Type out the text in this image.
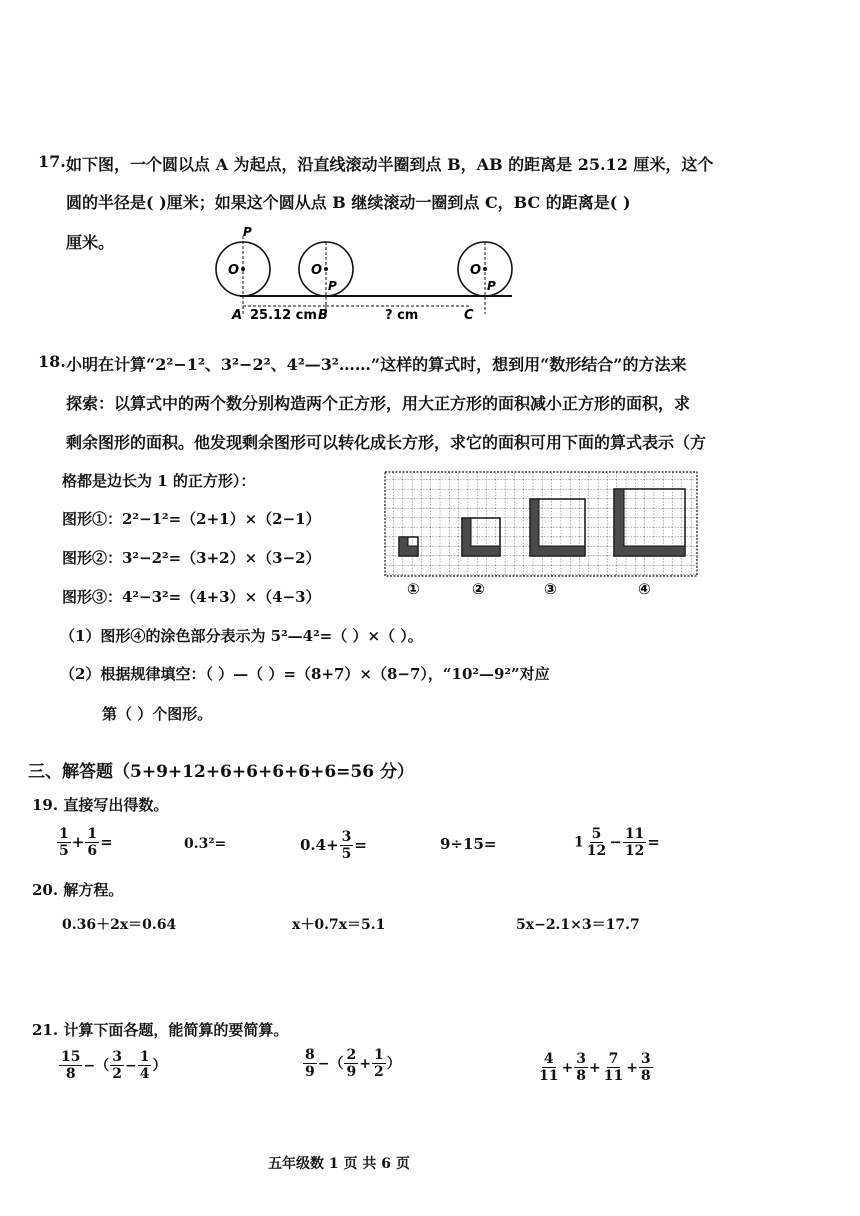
17. 如下图，一个圆以点 A 为起点，沿直线滚动半圈到点 B，AB 的距离是 25.12 厘米，这个
圆的半径是( )厘米；如果这个圆从点 B 继续滚动一圈到点 C，BC 的距离是( )
厘米。
P
O	O	O
P	P
A 25.12 cm B	? cm	C
18. 小明在计算“2²−1²、3²−2²、4²—3²……”这样的算式时，想到用“数形结合”的方法来
探索：以算式中的两个数分别构造两个正方形，用大正方形的面积减小正方形的面积，求
剩余图形的面积。他发现剩余图形可以转化成长方形，求它的面积可用下面的算式表示（方
格都是边长为 1 的正方形）：
图形①：2²−1²=（2+1）×（2−1）
图形②：3²−2²=（3+2）×（3−2）
图形③：4²−3²=（4+3）×（4−3）	①	②	③	④
（1）图形④的涂色部分表示为 5²—4²=（ ）×（ ）。
（2）根据规律填空：（ ）—（ ）=（8+7）×（8−7），“10²—9²”对应
第（ ）个图形。
三、解答题（5+9+12+6+6+6+6+6=56 分）
19. 直接写出得数。
$\frac{1}{5} + \frac{1}{6}$ =	0.3²=	$0.4+ \frac{3}{5}$ =	9÷15=	$1 \frac{5}{12} - \frac{11}{12}$ =
20. 解方程。
0.36＋2x＝0.64	x＋0.7x＝5.1	5x−2.1×3＝17.7
21. 计算下面各题，能简算的要简算。
$\frac{15}{8}$ −（ $\frac{3}{2} - \frac{1}{4}$ ）	$\frac{8}{9}$ −（ $\frac{2}{9} + \frac{1}{2}$ ）	$\frac{4}{11} + \frac{3}{8} + \frac{7}{11} + \frac{3}{8}$
五年级数 1 页 共 6 页
